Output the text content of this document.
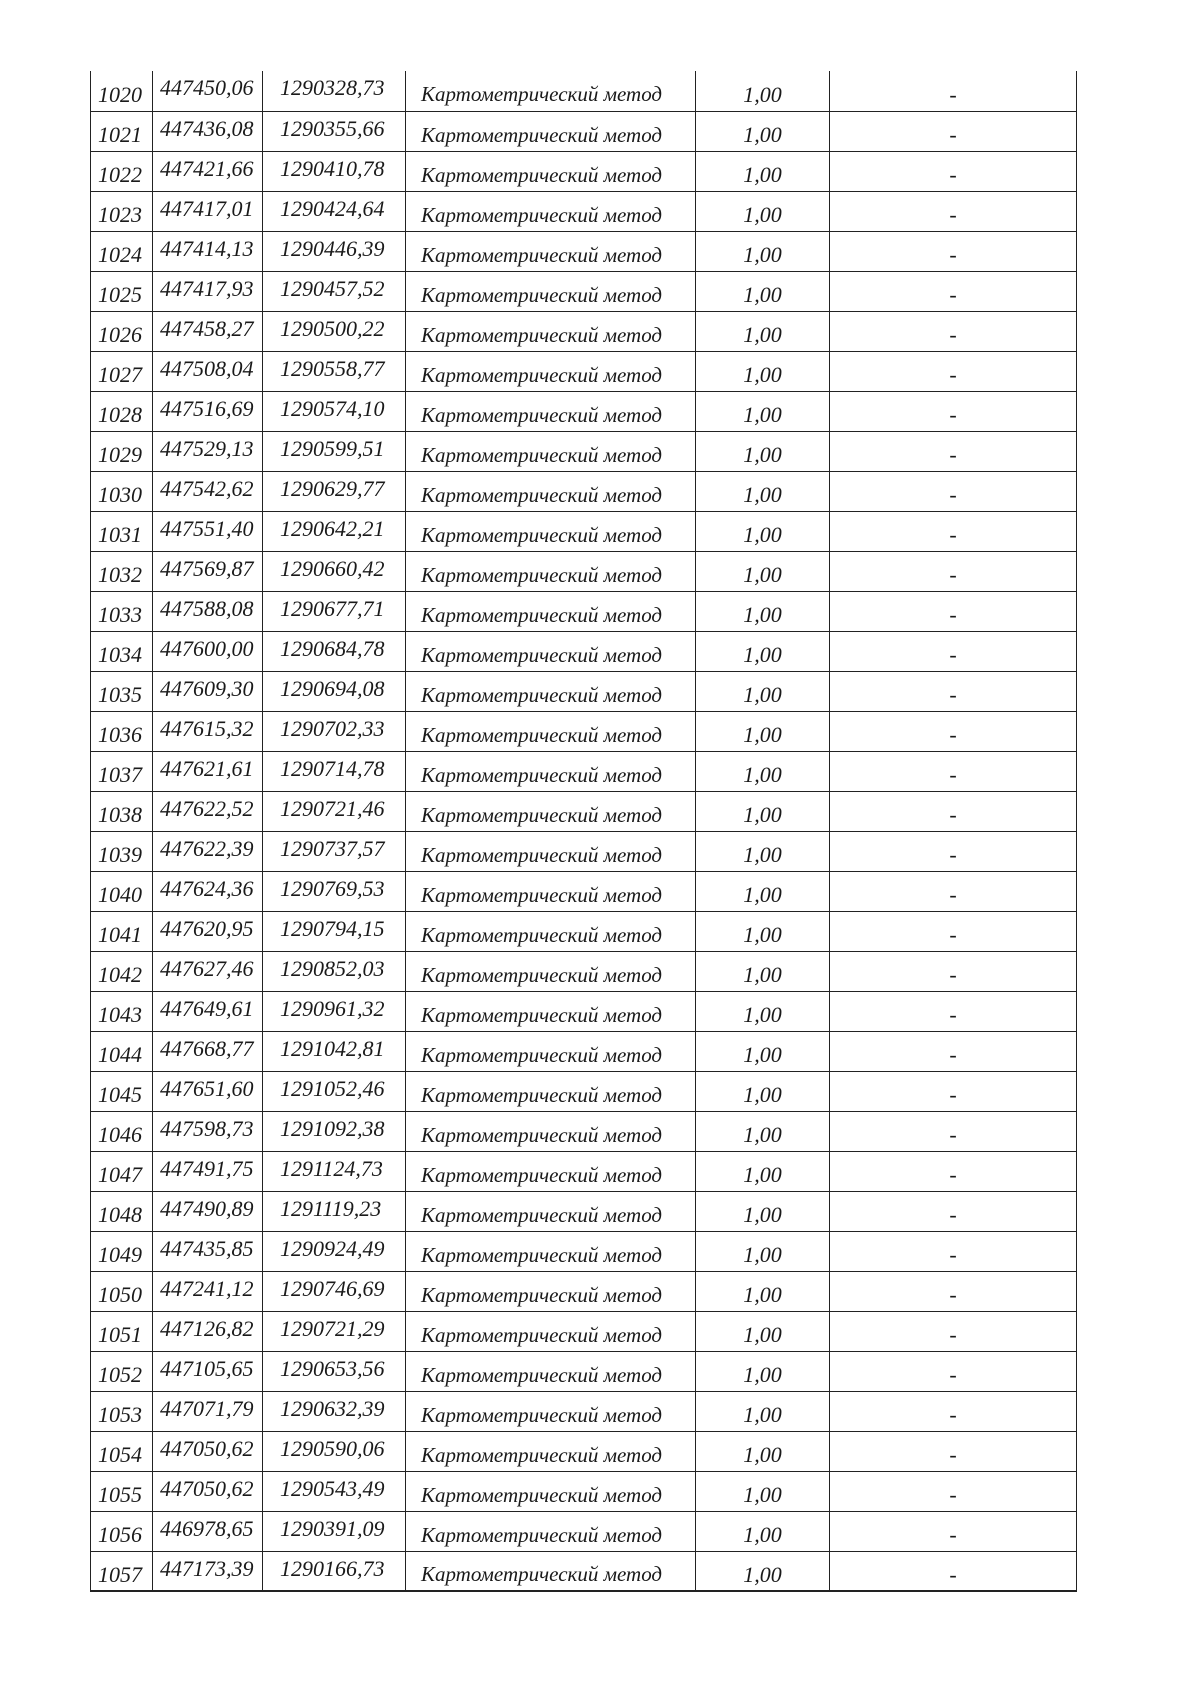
1020	447450,06	1290328,73	Картометрический метод	1,00	-
1021	447436,08	1290355,66	Картометрический метод	1,00	-
1022	447421,66	1290410,78	Картометрический метод	1,00	-
1023	447417,01	1290424,64	Картометрический метод	1,00	-
1024	447414,13	1290446,39	Картометрический метод	1,00	-
1025	447417,93	1290457,52	Картометрический метод	1,00	-
1026	447458,27	1290500,22	Картометрический метод	1,00	-
1027	447508,04	1290558,77	Картометрический метод	1,00	-
1028	447516,69	1290574,10	Картометрический метод	1,00	-
1029	447529,13	1290599,51	Картометрический метод	1,00	-
1030	447542,62	1290629,77	Картометрический метод	1,00	-
1031	447551,40	1290642,21	Картометрический метод	1,00	-
1032	447569,87	1290660,42	Картометрический метод	1,00	-
1033	447588,08	1290677,71	Картометрический метод	1,00	-
1034	447600,00	1290684,78	Картометрический метод	1,00	-
1035	447609,30	1290694,08	Картометрический метод	1,00	-
1036	447615,32	1290702,33	Картометрический метод	1,00	-
1037	447621,61	1290714,78	Картометрический метод	1,00	-
1038	447622,52	1290721,46	Картометрический метод	1,00	-
1039	447622,39	1290737,57	Картометрический метод	1,00	-
1040	447624,36	1290769,53	Картометрический метод	1,00	-
1041	447620,95	1290794,15	Картометрический метод	1,00	-
1042	447627,46	1290852,03	Картометрический метод	1,00	-
1043	447649,61	1290961,32	Картометрический метод	1,00	-
1044	447668,77	1291042,81	Картометрический метод	1,00	-
1045	447651,60	1291052,46	Картометрический метод	1,00	-
1046	447598,73	1291092,38	Картометрический метод	1,00	-
1047	447491,75	1291124,73	Картометрический метод	1,00	-
1048	447490,89	1291119,23	Картометрический метод	1,00	-
1049	447435,85	1290924,49	Картометрический метод	1,00	-
1050	447241,12	1290746,69	Картометрический метод	1,00	-
1051	447126,82	1290721,29	Картометрический метод	1,00	-
1052	447105,65	1290653,56	Картометрический метод	1,00	-
1053	447071,79	1290632,39	Картометрический метод	1,00	-
1054	447050,62	1290590,06	Картометрический метод	1,00	-
1055	447050,62	1290543,49	Картометрический метод	1,00	-
1056	446978,65	1290391,09	Картометрический метод	1,00	-
1057	447173,39	1290166,73	Картометрический метод	1,00	-
